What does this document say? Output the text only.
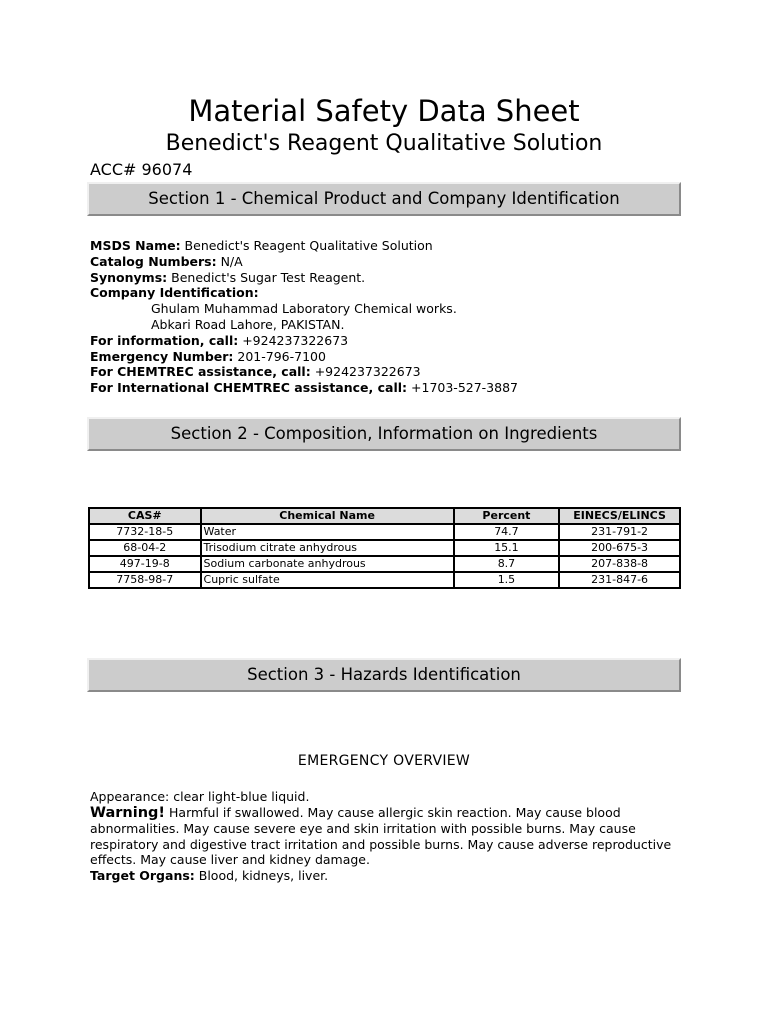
Material Safety Data Sheet
Benedict's Reagent Qualitative Solution
ACC# 96074
Section 1 - Chemical Product and Company Identification
MSDS Name: Benedict's Reagent Qualitative Solution
Catalog Numbers: N/A
Synonyms: Benedict's Sugar Test Reagent.
Company Identification:
Ghulam Muhammad Laboratory Chemical works.
Abkari Road Lahore, PAKISTAN.
For information, call: +924237322673
Emergency Number: 201-796-7100
For CHEMTREC assistance, call: +924237322673
For International CHEMTREC assistance, call: +1703-527-3887
Section 2 - Composition, Information on Ingredients
CAS#	Chemical Name	Percent	EINECS/ELINCS
7732-18-5	Water	74.7	231-791-2
68-04-2	Trisodium citrate anhydrous	15.1	200-675-3
497-19-8	Sodium carbonate anhydrous	8.7	207-838-8
7758-98-7	Cupric sulfate	1.5	231-847-6
Section 3 - Hazards Identification
EMERGENCY OVERVIEW
Appearance: clear light-blue liquid.
Warning! Harmful if swallowed. May cause allergic skin reaction. May cause blood abnormalities. May cause severe eye and skin irritation with possible burns. May cause respiratory and digestive tract irritation and possible burns. May cause adverse reproductive effects. May cause liver and kidney damage.
Target Organs: Blood, kidneys, liver.
